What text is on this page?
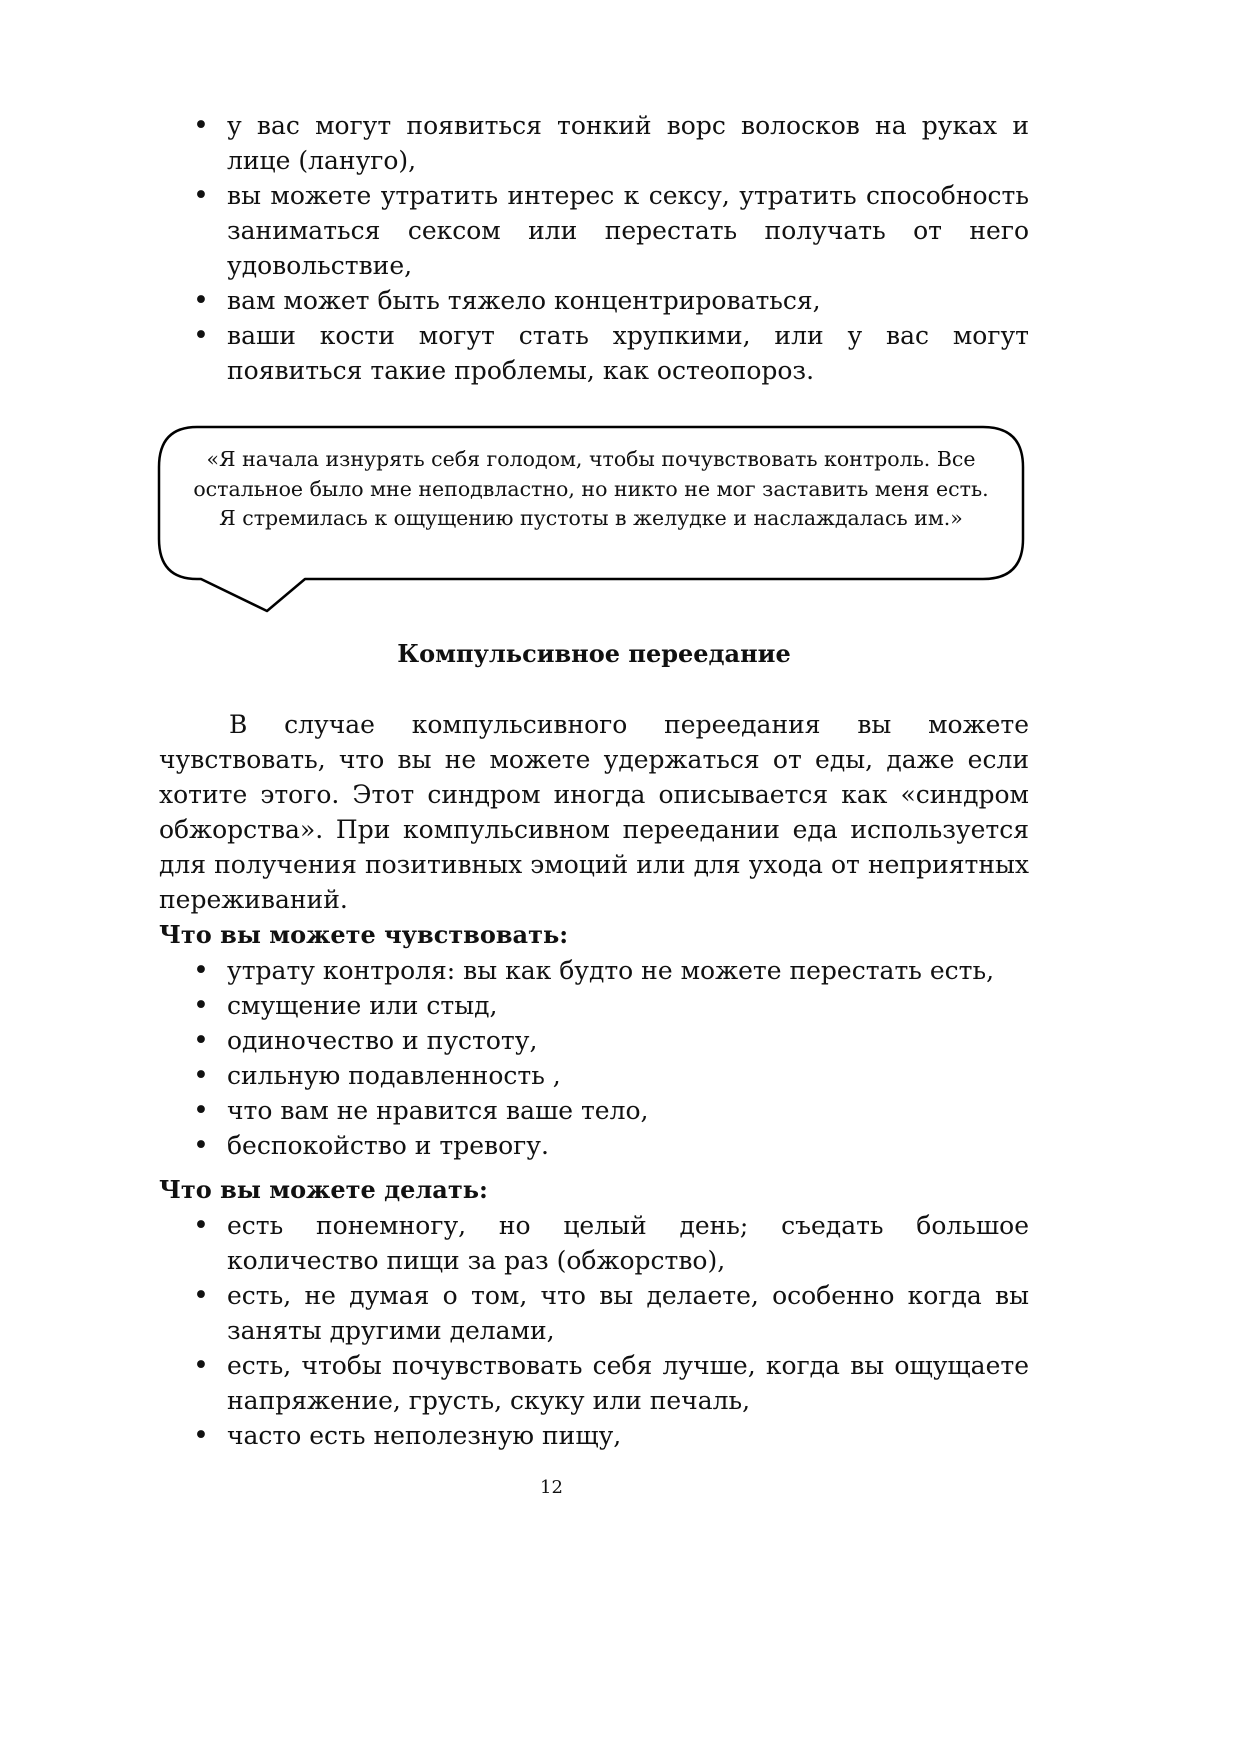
• у вас могут появиться тонкий ворс волосков на руках и лице (лануго),
• вы можете утратить интерес к сексу, утратить способность заниматься сексом или перестать получать от него удовольствие,
• вам может быть тяжело концентрироваться,
• ваши кости могут стать хрупкими, или у вас могут появиться такие проблемы, как остеопороз.
«Я начала изнурять себя голодом, чтобы почувствовать контроль. Все остальное было мне неподвластно, но никто не мог заставить меня есть. Я стремилась к ощущению пустоты в желудке и наслаждалась им.»
Компульсивное переедание

В случае компульсивного переедания вы можете чувствовать, что вы не можете удержаться от еды, даже если хотите этого. Этот синдром иногда описывается как «синдром обжорства». При компульсивном переедании еда используется для получения позитивных эмоций или для ухода от неприятных переживаний.

Что вы можете чувствовать:
• утрату контроля: вы как будто не можете перестать есть,
• смущение или стыд,
• одиночество и пустоту,
• сильную подавленность ,
• что вам не нравится ваше тело,
• беспокойство и тревогу.
Что вы можете делать:
• есть понемногу, но целый день; съедать большое количество пищи за раз (обжорство),
• есть, не думая о том, что вы делаете, особенно когда вы заняты другими делами,
• есть, чтобы почувствовать себя лучше, когда вы ощущаете напряжение, грусть, скуку или печаль,
• часто есть неполезную пищу,
12
